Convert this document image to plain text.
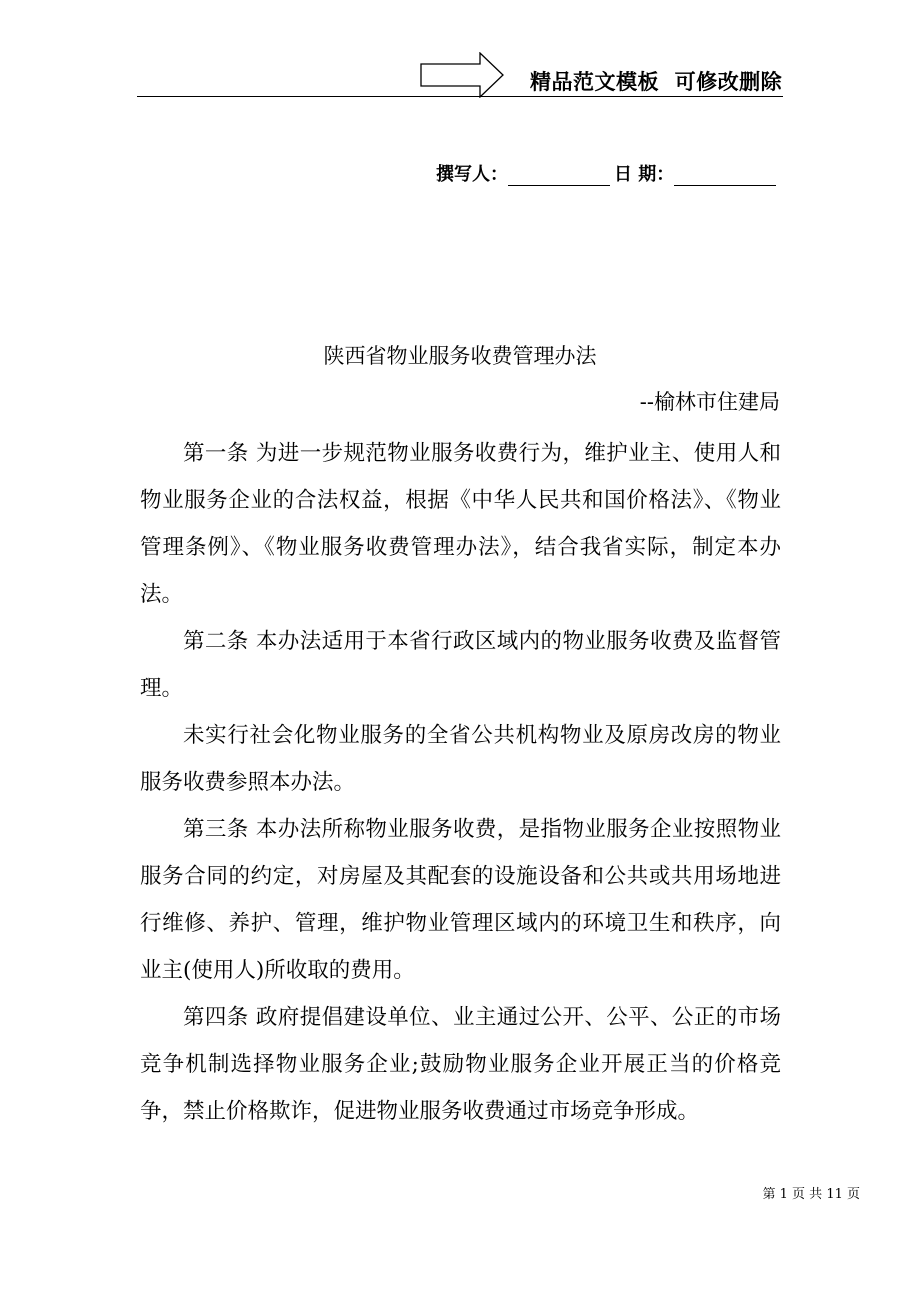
精品范文模板  可修改删除
撰写人：	日 期：
陕西省物业服务收费管理办法
--榆林市住建局

第一条 为进一步规范物业服务收费行为，维护业主、使用人和物业服务企业的合法权益，根据《中华人民共和国价格法》、《物业管理条例》、《物业服务收费管理办法》，结合我省实际，制定本办法。

第二条 本办法适用于本省行政区域内的物业服务收费及监督管理。

未实行社会化物业服务的全省公共机构物业及原房改房的物业服务收费参照本办法。

第三条 本办法所称物业服务收费，是指物业服务企业按照物业服务合同的约定，对房屋及其配套的设施设备和公共或共用场地进行维修、养护、管理，维护物业管理区域内的环境卫生和秩序，向业主(使用人)所收取的费用。

第四条 政府提倡建设单位、业主通过公开、公平、公正的市场竞争机制选择物业服务企业;鼓励物业服务企业开展正当的价格竞争，禁止价格欺诈，促进物业服务收费通过市场竞争形成。

第 1 页 共 11 页
